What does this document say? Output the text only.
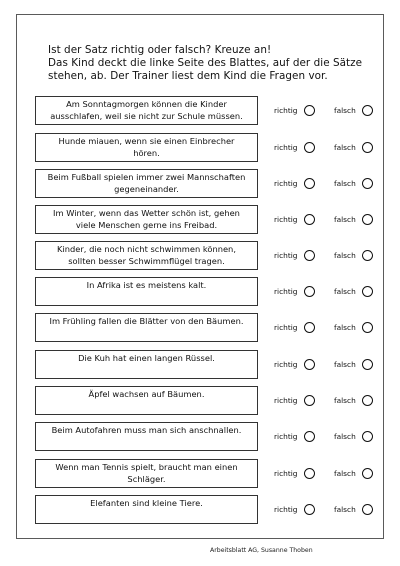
Ist der Satz richtig oder falsch? Kreuze an!
Das Kind deckt die linke Seite des Blattes, auf der die Sätze
stehen, ab. Der Trainer liest dem Kind die Fragen vor.
Am Sonntagmorgen können die Kinder
ausschlafen, weil sie nicht zur Schule müssen.	richtig	falsch
Hunde miauen, wenn sie einen Einbrecher
hören.	richtig	falsch
Beim Fußball spielen immer zwei Mannschaften
gegeneinander.	richtig	falsch
Im Winter, wenn das Wetter schön ist, gehen
viele Menschen gerne ins Freibad.	richtig	falsch
Kinder, die noch nicht schwimmen können,
sollten besser Schwimmflügel tragen.	richtig	falsch
In Afrika ist es meistens kalt.
richtig	falsch
Im Frühling fallen die Blätter von den Bäumen.
richtig	falsch
Die Kuh hat einen langen Rüssel.
richtig	falsch
Äpfel wachsen auf Bäumen.
richtig	falsch
Beim Autofahren muss man sich anschnallen.
richtig	falsch
Wenn man Tennis spielt, braucht man einen
Schläger.	richtig	falsch
Elefanten sind kleine Tiere.
richtig	falsch
Arbeitsblatt AG, Susanne Thoben
